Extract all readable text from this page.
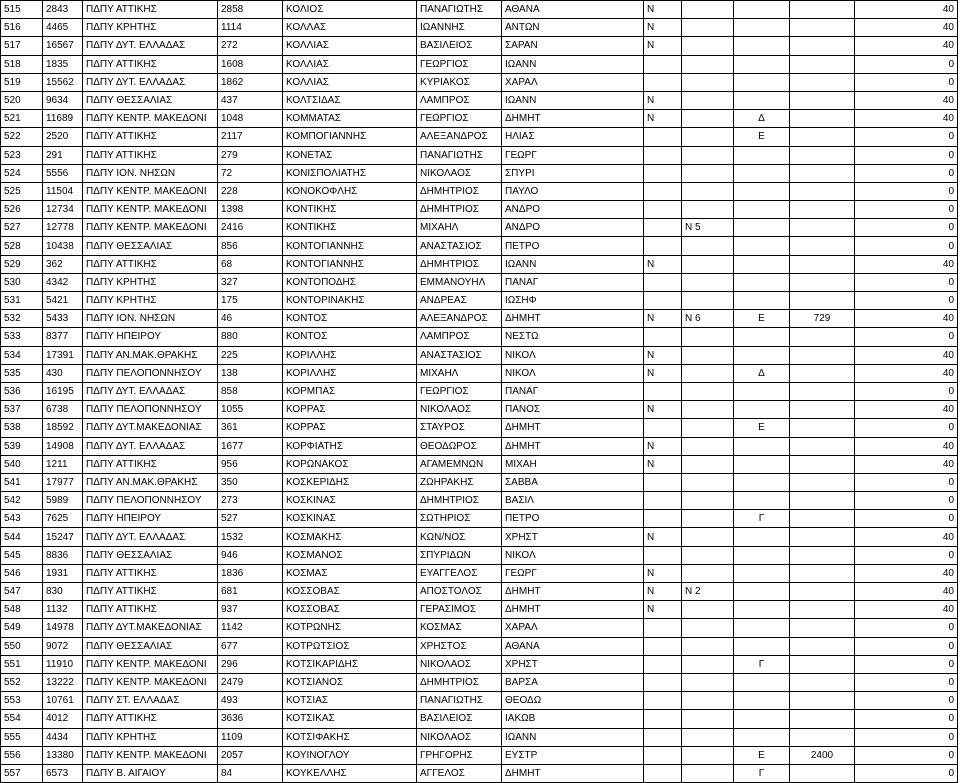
515	2843	ΠΔΠΥ ΑΤΤΙΚΗΣ	2858	ΚΟΛΙΟΣ	ΠΑΝΑΓΙΩΤΗΣ	ΑΘΑΝΑ	Ν				40
516	4465	ΠΔΠΥ ΚΡΗΤΗΣ	1114	ΚΟΛΛΑΣ	ΙΩΑΝΝΗΣ	ΑΝΤΩΝ	Ν				40
517	16567	ΠΔΠΥ ΔΥΤ. ΕΛΛΑΔΑΣ	272	ΚΟΛΛΙΑΣ	ΒΑΣΙΛΕΙΟΣ	ΣΑΡΑΝ	Ν				40
518	1835	ΠΔΠΥ ΑΤΤΙΚΗΣ	1608	ΚΟΛΛΙΑΣ	ΓΕΩΡΓΙΟΣ	ΙΩΑΝΝ					0
519	15562	ΠΔΠΥ ΔΥΤ. ΕΛΛΑΔΑΣ	1862	ΚΟΛΛΙΑΣ	ΚΥΡΙΑΚΟΣ	ΧΑΡΑΛ					0
520	9634	ΠΔΠΥ ΘΕΣΣΑΛΙΑΣ	437	ΚΟΛΤΣΙΔΑΣ	ΛΑΜΠΡΟΣ	ΙΩΑΝΝ	Ν				40
521	11689	ΠΔΠΥ ΚΕΝΤΡ. ΜΑΚΕΔΟΝΙ	1048	ΚΟΜΜΑΤΑΣ	ΓΕΩΡΓΙΟΣ	ΔΗΜΗΤ	Ν		Δ		40
522	2520	ΠΔΠΥ ΑΤΤΙΚΗΣ	2117	ΚΟΜΠΟΓΙΑΝΝΗΣ	ΑΛΕΞΑΝΔΡΟΣ	ΗΛΙΑΣ			Ε		0
523	291	ΠΔΠΥ ΑΤΤΙΚΗΣ	279	ΚΟΝΕΤΑΣ	ΠΑΝΑΓΙΩΤΗΣ	ΓΕΩΡΓ					0
524	5556	ΠΔΠΥ ΙΟΝ. ΝΗΣΩΝ	72	ΚΟΝΙΣΠΟΛΙΑΤΗΣ	ΝΙΚΟΛΑΟΣ	ΣΠΥΡΙ					0
525	11504	ΠΔΠΥ ΚΕΝΤΡ. ΜΑΚΕΔΟΝΙ	228	ΚΟΝΟΚΟΦΛΗΣ	ΔΗΜΗΤΡΙΟΣ	ΠΑΥΛΟ					0
526	12734	ΠΔΠΥ ΚΕΝΤΡ. ΜΑΚΕΔΟΝΙ	1398	ΚΟΝΤΙΚΗΣ	ΔΗΜΗΤΡΙΟΣ	ΑΝΔΡΟ					0
527	12778	ΠΔΠΥ ΚΕΝΤΡ. ΜΑΚΕΔΟΝΙ	2416	ΚΟΝΤΙΚΗΣ	ΜΙΧΑΗΛ	ΑΝΔΡΟ		Ν 5			0
528	10438	ΠΔΠΥ ΘΕΣΣΑΛΙΑΣ	856	ΚΟΝΤΟΓΙΑΝΝΗΣ	ΑΝΑΣΤΑΣΙΟΣ	ΠΕΤΡΟ					0
529	362	ΠΔΠΥ ΑΤΤΙΚΗΣ	68	ΚΟΝΤΟΓΙΑΝΝΗΣ	ΔΗΜΗΤΡΙΟΣ	ΙΩΑΝΝ	Ν				40
530	4342	ΠΔΠΥ ΚΡΗΤΗΣ	327	ΚΟΝΤΟΠΟΔΗΣ	ΕΜΜΑΝΟΥΗΛ	ΠΑΝΑΓ					0
531	5421	ΠΔΠΥ ΚΡΗΤΗΣ	175	ΚΟΝΤΟΡΙΝΑΚΗΣ	ΑΝΔΡΕΑΣ	ΙΩΣΗΦ					0
532	5433	ΠΔΠΥ ΙΟΝ. ΝΗΣΩΝ	46	ΚΟΝΤΟΣ	ΑΛΕΞΑΝΔΡΟΣ	ΔΗΜΗΤ	Ν	Ν 6	Ε	729	40
533	8377	ΠΔΠΥ ΗΠΕΙΡΟΥ	880	ΚΟΝΤΟΣ	ΛΑΜΠΡΟΣ	ΝΕΣΤΩ					0
534	17391	ΠΔΠΥ ΑΝ.ΜΑΚ.ΘΡΑΚΗΣ	225	ΚΟΡΙΛΛΗΣ	ΑΝΑΣΤΑΣΙΟΣ	ΝΙΚΟΛ	Ν				40
535	430	ΠΔΠΥ ΠΕΛΟΠΟΝΝΗΣΟΥ	138	ΚΟΡΙΛΛΗΣ	ΜΙΧΑΗΛ	ΝΙΚΟΛ	Ν		Δ		40
536	16195	ΠΔΠΥ ΔΥΤ. ΕΛΛΑΔΑΣ	858	ΚΟΡΜΠΑΣ	ΓΕΩΡΓΙΟΣ	ΠΑΝΑΓ					0
537	6738	ΠΔΠΥ ΠΕΛΟΠΟΝΝΗΣΟΥ	1055	ΚΟΡΡΑΣ	ΝΙΚΟΛΑΟΣ	ΠΑΝΟΣ	Ν				40
538	18592	ΠΔΠΥ ΔΥΤ.ΜΑΚΕΔΟΝΙΑΣ	361	ΚΟΡΡΑΣ	ΣΤΑΥΡΟΣ	ΔΗΜΗΤ			Ε		0
539	14908	ΠΔΠΥ ΔΥΤ. ΕΛΛΑΔΑΣ	1677	ΚΟΡΦΙΑΤΗΣ	ΘΕΟΔΩΡΟΣ	ΔΗΜΗΤ	Ν				40
540	1211	ΠΔΠΥ ΑΤΤΙΚΗΣ	956	ΚΟΡΩΝΑΚΟΣ	ΑΓΑΜΕΜΝΩΝ	ΜΙΧΑΗ	Ν				40
541	17977	ΠΔΠΥ ΑΝ.ΜΑΚ.ΘΡΑΚΗΣ	350	ΚΟΣΚΕΡΙΔΗΣ	ΖΩΗΡΑΚΗΣ	ΣΑΒΒΑ					0
542	5989	ΠΔΠΥ ΠΕΛΟΠΟΝΝΗΣΟΥ	273	ΚΟΣΚΙΝΑΣ	ΔΗΜΗΤΡΙΟΣ	ΒΑΣΙΛ					0
543	7625	ΠΔΠΥ ΗΠΕΙΡΟΥ	527	ΚΟΣΚΙΝΑΣ	ΣΩΤΗΡΙΟΣ	ΠΕΤΡΟ			Γ		0
544	15247	ΠΔΠΥ ΔΥΤ. ΕΛΛΑΔΑΣ	1532	ΚΟΣΜΑΚΗΣ	ΚΩΝ/ΝΟΣ	ΧΡΗΣΤ	Ν				40
545	8836	ΠΔΠΥ ΘΕΣΣΑΛΙΑΣ	946	ΚΟΣΜΑΝΟΣ	ΣΠΥΡΙΔΩΝ	ΝΙΚΟΛ					0
546	1931	ΠΔΠΥ ΑΤΤΙΚΗΣ	1836	ΚΟΣΜΑΣ	ΕΥΑΓΓΕΛΟΣ	ΓΕΩΡΓ	Ν				40
547	830	ΠΔΠΥ ΑΤΤΙΚΗΣ	681	ΚΟΣΣΟΒΑΣ	ΑΠΟΣΤΟΛΟΣ	ΔΗΜΗΤ	Ν	Ν 2			40
548	1132	ΠΔΠΥ ΑΤΤΙΚΗΣ	937	ΚΟΣΣΟΒΑΣ	ΓΕΡΑΣΙΜΟΣ	ΔΗΜΗΤ	Ν				40
549	14978	ΠΔΠΥ ΔΥΤ.ΜΑΚΕΔΟΝΙΑΣ	1142	ΚΟΤΡΩΝΗΣ	ΚΟΣΜΑΣ	ΧΑΡΑΛ					0
550	9072	ΠΔΠΥ ΘΕΣΣΑΛΙΑΣ	677	ΚΟΤΡΩΤΣΙΟΣ	ΧΡΗΣΤΟΣ	ΑΘΑΝΑ					0
551	11910	ΠΔΠΥ ΚΕΝΤΡ. ΜΑΚΕΔΟΝΙ	296	ΚΟΤΣΙΚΑΡΙΔΗΣ	ΝΙΚΟΛΑΟΣ	ΧΡΗΣΤ			Γ		0
552	13222	ΠΔΠΥ ΚΕΝΤΡ. ΜΑΚΕΔΟΝΙ	2479	ΚΟΤΣΙΑΝΟΣ	ΔΗΜΗΤΡΙΟΣ	ΒΑΡΣΑ					0
553	10761	ΠΔΠΥ ΣΤ. ΕΛΛΑΔΑΣ	493	ΚΟΤΣΙΑΣ	ΠΑΝΑΓΙΩΤΗΣ	ΘΕΟΔΩ					0
554	4012	ΠΔΠΥ ΑΤΤΙΚΗΣ	3636	ΚΟΤΣΙΚΑΣ	ΒΑΣΙΛΕΙΟΣ	ΙΑΚΩΒ					0
555	4434	ΠΔΠΥ ΚΡΗΤΗΣ	1109	ΚΟΤΣΙΦΑΚΗΣ	ΝΙΚΟΛΑΟΣ	ΙΩΑΝΝ					0
556	13380	ΠΔΠΥ ΚΕΝΤΡ. ΜΑΚΕΔΟΝΙ	2057	ΚΟΥΙΝΟΓΛΟΥ	ΓΡΗΓΟΡΗΣ	ΕΥΣΤΡ			Ε	2400	0
557	6573	ΠΔΠΥ Β. ΑΙΓΑΙΟΥ	84	ΚΟΥΚΕΛΛΗΣ	ΑΓΓΕΛΟΣ	ΔΗΜΗΤ			Γ		0
